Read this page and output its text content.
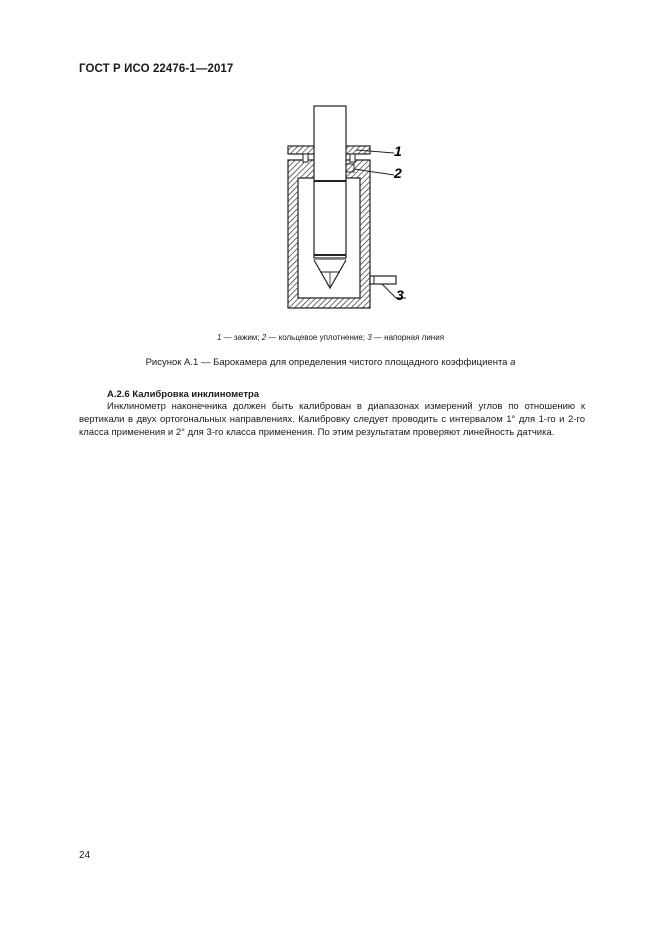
ГОСТ Р ИСО 22476-1—2017
1
2
3
1 — зажим; 2 — кольцевое уплотнение; 3 — напорная линия
Рисунок А.1 — Барокамера для определения чистого площадного коэффициента a
А.2.6 Калибровка инклинометра

Инклинометр наконечника должен быть калиброван в диапазонах измерений углов по отношению к вертикали в двух ортогональных направлениях. Калибровку следует проводить с интервалом 1° для 1-го и 2-го класса применения и 2° для 3-го класса применения. По этим результатам проверяют линейность датчика.

24
